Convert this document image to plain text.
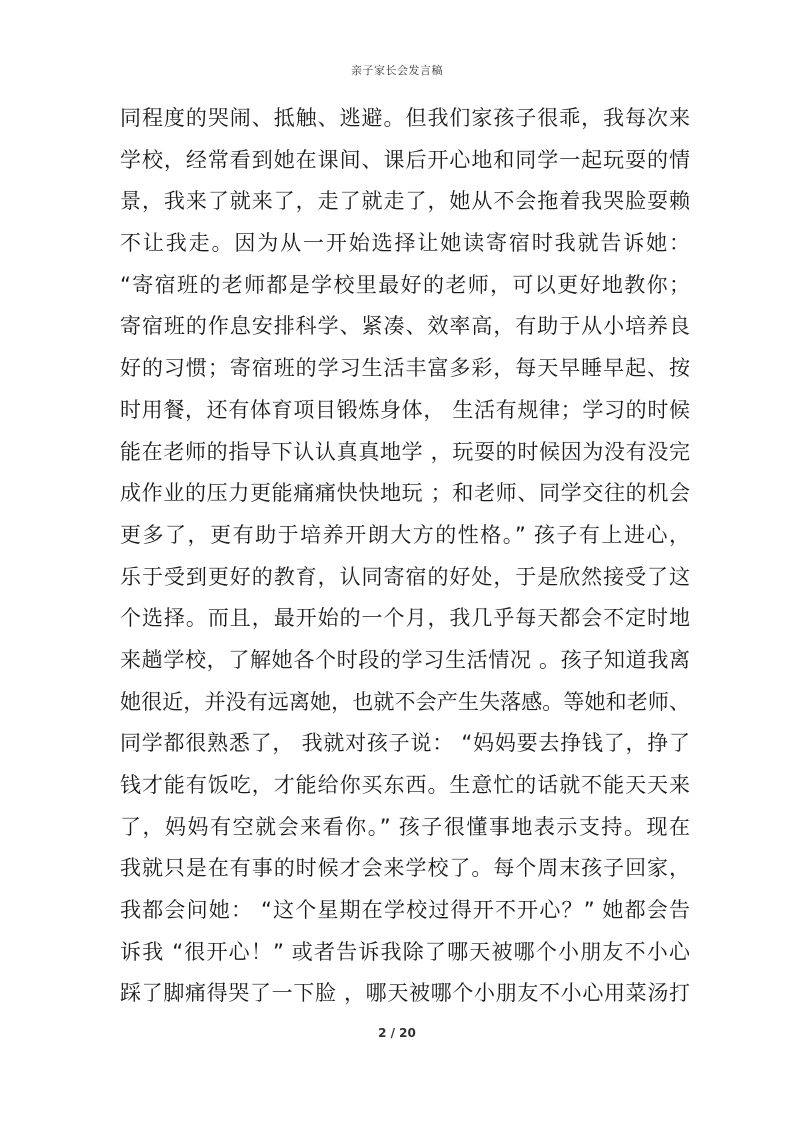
亲子家长会发言稿
同程度的哭闹、抵触、逃避。但我们家孩子很乖，我每次来
学校，经常看到她在课间、课后开心地和同学一起玩耍的情
景，我来了就来了，走了就走了，她从不会拖着我哭脸耍赖
不让我走。因为从一开始选择让她读寄宿时我就告诉她：
“寄宿班的老师都是学校里最好的老师，可以更好地教你；
寄宿班的作息安排科学、紧凑、效率高，有助于从小培养良
好的习惯；寄宿班的学习生活丰富多彩，每天早睡早起、按
时用餐，还有体育项目锻炼身体， 生活有规律；学习的时候
能在老师的指导下认认真真地学 ，玩耍的时候因为没有没完
成作业的压力更能痛痛快快地玩 ；和老师、同学交往的机会
更多了，更有助于培养开朗大方的性格。” 孩子有上进心，
乐于受到更好的教育，认同寄宿的好处，于是欣然接受了这
个选择。而且，最开始的一个月，我几乎每天都会不定时地
来趟学校，了解她各个时段的学习生活情况 。孩子知道我离
她很近，并没有远离她，也就不会产生失落感。等她和老师、
同学都很熟悉了， 我就对孩子说： “妈妈要去挣钱了，挣了
钱才能有饭吃，才能给你买东西。生意忙的话就不能天天来
了，妈妈有空就会来看你。” 孩子很懂事地表示支持。现在
我就只是在有事的时候才会来学校了。每个周末孩子回家，
我都会问她： “这个星期在学校过得开不开心？” 她都会告
诉我 “很开心！” 或者告诉我除了哪天被哪个小朋友不小心
踩了脚痛得哭了一下脸 ，哪天被哪个小朋友不小心用菜汤打
2 / 20
